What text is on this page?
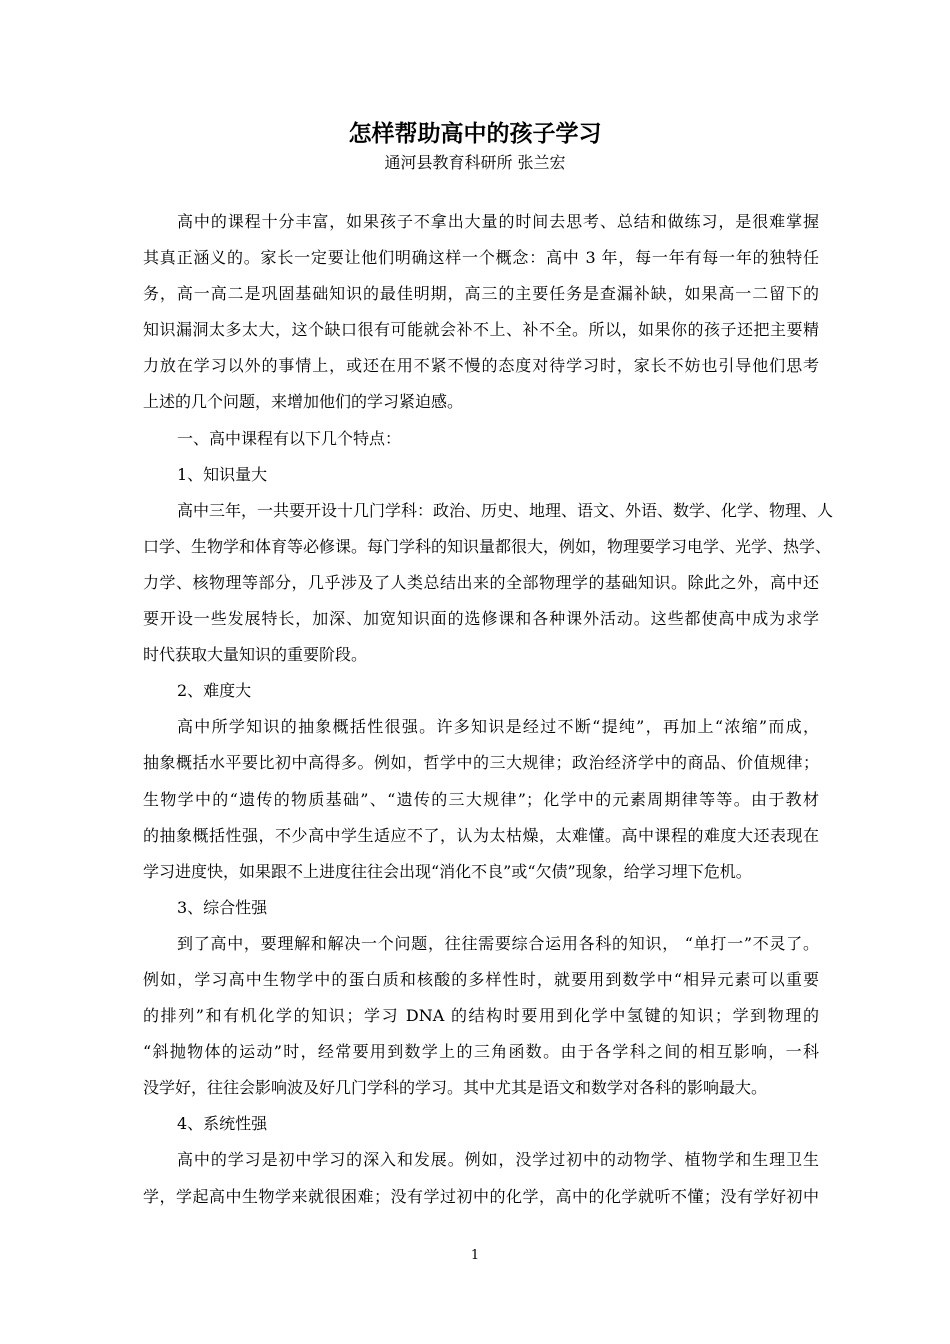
怎样帮助高中的孩子学习
通河县教育科研所 张兰宏
高中的课程十分丰富，如果孩子不拿出大量的时间去思考、总结和做练习，是很难掌握
其真正涵义的。家长一定要让他们明确这样一个概念：高中 3 年，每一年有每一年的独特任
务，高一高二是巩固基础知识的最佳明期，高三的主要任务是查漏补缺，如果高一二留下的
知识漏洞太多太大，这个缺口很有可能就会补不上、补不全。所以，如果你的孩子还把主要精
力放在学习以外的事情上，或还在用不紧不慢的态度对待学习时，家长不妨也引导他们思考
上述的几个问题，来增加他们的学习紧迫感。
一、高中课程有以下几个特点：
1、知识量大
高中三年，一共要开设十几门学科：政治、历史、地理、语文、外语、数学、化学、物理、人
口学、生物学和体育等必修课。每门学科的知识量都很大，例如，物理要学习电学、光学、热学、
力学、核物理等部分，几乎涉及了人类总结出来的全部物理学的基础知识。除此之外，高中还
要开设一些发展特长，加深、加宽知识面的选修课和各种课外活动。这些都使高中成为求学
时代获取大量知识的重要阶段。
2、难度大
高中所学知识的抽象概括性很强。许多知识是经过不断“提纯”，再加上“浓缩”而成，
抽象概括水平要比初中高得多。例如，哲学中的三大规律；政治经济学中的商品、价值规律；
生物学中的“遗传的物质基础”、“遗传的三大规律”；化学中的元素周期律等等。由于教材
的抽象概括性强，不少高中学生适应不了，认为太枯燥，太难懂。高中课程的难度大还表现在
学习进度快，如果跟不上进度往往会出现“消化不良”或“欠债”现象，给学习埋下危机。
3、综合性强
到了高中，要理解和解决一个问题，往往需要综合运用各科的知识， “单打一”不灵了。
例如，学习高中生物学中的蛋白质和核酸的多样性时，就要用到数学中“相异元素可以重要
的排列”和有机化学的知识；学习 DNA 的结构时要用到化学中氢键的知识；学到物理的
“斜抛物体的运动”时，经常要用到数学上的三角函数。由于各学科之间的相互影响，一科
没学好，往往会影响波及好几门学科的学习。其中尤其是语文和数学对各科的影响最大。
4、系统性强
高中的学习是初中学习的深入和发展。例如，没学过初中的动物学、植物学和生理卫生
学，学起高中生物学来就很困难；没有学过初中的化学，高中的化学就听不懂；没有学好初中
1
